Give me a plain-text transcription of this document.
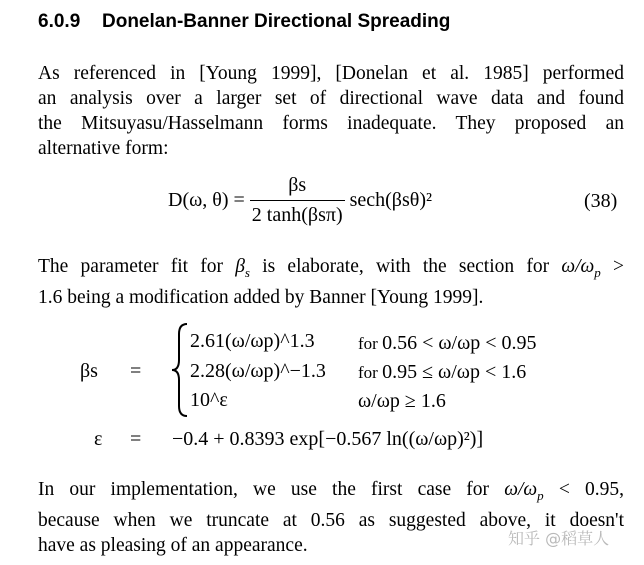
6.0.9 Donelan-Banner Directional Spreading
As referenced in [Young 1999], [Donelan et al. 1985] performed
an analysis over a larger set of directional wave data and found
the Mitsuyasu/Hasselmann forms inadequate. They proposed an
alternative form:
D(ω, $\theta) = \frac{\beta s}{\text{2 tanh(βsπ)}} \sec h(\beta s\theta)^2$	(38)
The parameter fit for $\beta_s$ is elaborate, with the section for $\omega/\omega_p$ >
1.6 being a modification added by Banner [Young 1999].
βs =
2.61(ω/ωp)^1.3	for 0.56 < ω/ωp < 0.95
2.28(ω/ωp)^−1.3 for 0.95 ≤ ω/ωp < 1.6
10^ε	ω/ωp ≥ 1.6
ε = −0.4 + 0.8393 exp[−0.567 ln((ω/ωp)²)]
In our implementation, we use the first case for $\omega/\omega_p < 0.95$,
because when we truncate at 0.56 as suggested above, it doesn't
have as pleasing of an appearance.	知乎 @稻草人
